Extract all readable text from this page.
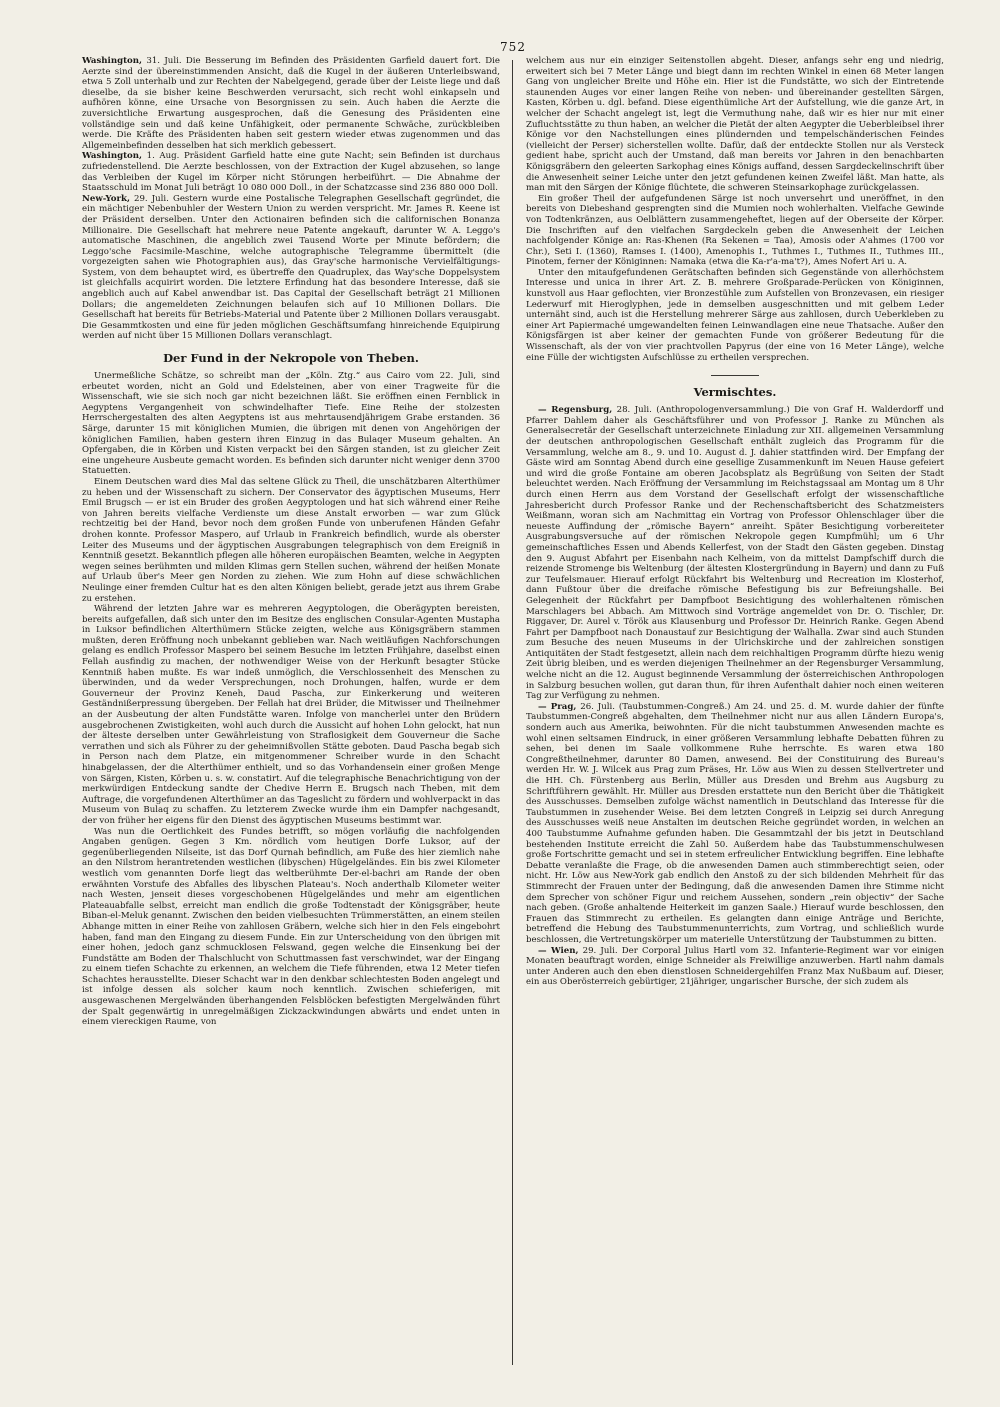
752

Washington, 31. Juli. Die Besserung im Befinden des Präsidenten Garfield dauert fort. Die Aerzte sind der übereinstimmenden Ansicht, daß die Kugel in der äußeren Unterleibswand, etwa 5 Zoll unterhalb und zur Rechten der Nabelgegend, gerade über der Leiste liege und daß dieselbe, da sie bisher keine Beschwerden verursacht, sich recht wohl einkapseln und aufhören könne, eine Ursache von Besorgnissen zu sein. Auch haben die Aerzte die zuversichtliche Erwartung ausgesprochen, daß die Genesung des Präsidenten eine vollständige sein und daß keine Unfähigkeit, oder permanente Schwäche, zurückbleiben werde. Die Kräfte des Präsidenten haben seit gestern wieder etwas zugenommen und das Allgemeinbefinden desselben hat sich merklich gebessert.

Washington, 1. Aug. Präsident Garfield hatte eine gute Nacht; sein Befinden ist durchaus zufriedenstellend. Die Aerzte beschlossen, von der Extraction der Kugel abzusehen, so lange das Verbleiben der Kugel im Körper nicht Störungen herbeiführt. — Die Abnahme der Staatsschuld im Monat Juli beträgt 10 080 000 Doll., in der Schatzcasse sind 236 880 000 Doll.

New-York, 29. Juli. Gestern wurde eine Postalische Telegraphen Gesellschaft gegründet, die ein mächtiger Nebenbuhler der Western Union zu werden verspricht. Mr. James R. Keene ist der Präsident derselben. Unter den Actionairen befinden sich die californischen Bonanza Millionaire. Die Gesellschaft hat mehrere neue Patente angekauft, darunter W. A. Leggo's automatische Maschinen, die angeblich zwei Tausend Worte per Minute befördern; die Leggo'sche Facsimile-Maschine, welche autographische Telegramme übermittelt (die vorgezeigten sahen wie Photographien aus), das Gray'sche harmonische Vervielfältigungs-System, von dem behauptet wird, es übertreffe den Quadruplex, das Way'sche Doppelsystem ist gleichfalls acquirirt worden. Die letztere Erfindung hat das besondere Interesse, daß sie angeblich auch auf Kabel anwendbar ist. Das Capital der Gesellschaft beträgt 21 Millionen Dollars; die angemeldeten Zeichnungen belaufen sich auf 10 Millionen Dollars. Die Gesellschaft hat bereits für Betriebs-Material und Patente über 2 Millionen Dollars verausgabt. Die Gesammtkosten und eine für jeden möglichen Geschäftsumfang hinreichende Equipirung werden auf nicht über 15 Millionen Dollars veranschlagt.

Der Fund in der Nekropole von Theben.

Unermeßliche Schätze, so schreibt man der „Köln. Ztg.“ aus Cairo vom 22. Juli, sind erbeutet worden, nicht an Gold und Edelsteinen, aber von einer Tragweite für die Wissenschaft, wie sie sich noch gar nicht bezeichnen läßt. Sie eröffnen einen Fernblick in Aegyptens Vergangenheit von schwindelhafter Tiefe. Eine Reihe der stolzesten Herrschergestalten des alten Aegyptens ist aus mehrtausendjährigem Grabe erstanden. 36 Särge, darunter 15 mit königlichen Mumien, die übrigen mit denen von Angehörigen der königlichen Familien, haben gestern ihren Einzug in das Bulaqer Museum gehalten. An Opfergaben, die in Körben und Kisten verpackt bei den Särgen standen, ist zu gleicher Zeit eine ungeheure Ausbeute gemacht worden. Es befinden sich darunter nicht weniger denn 3700 Statuetten.

Einem Deutschen ward dies Mal das seltene Glück zu Theil, die unschätzbaren Alterthümer zu heben und der Wissenschaft zu sichern. Der Conservator des ägyptischen Museums, Herr Emil Brugsch — er ist ein Bruder des großen Aegyptologen und hat sich während einer Reihe von Jahren bereits vielfache Verdienste um diese Anstalt erworben — war zum Glück rechtzeitig bei der Hand, bevor noch dem großen Funde von unberufenen Händen Gefahr drohen konnte. Professor Maspero, auf Urlaub in Frankreich befindlich, wurde als oberster Leiter des Museums und der ägyptischen Ausgrabungen telegraphisch von dem Ereigniß in Kenntniß gesetzt. Bekanntlich pflegen alle höheren europäischen Beamten, welche in Aegypten wegen seines berühmten und milden Klimas gern Stellen suchen, während der heißen Monate auf Urlaub über's Meer gen Norden zu ziehen. Wie zum Hohn auf diese schwächlichen Neulinge einer fremden Cultur hat es den alten Königen beliebt, gerade jetzt aus ihrem Grabe zu erstehen.

Während der letzten Jahre war es mehreren Aegyptologen, die Oberägypten bereisten, bereits aufgefallen, daß sich unter den im Besitze des englischen Consular-Agenten Mustapha in Luksor befindlichen Alterthümern Stücke zeigten, welche aus Königsgräbern stammen mußten, deren Eröffnung noch unbekannt geblieben war. Nach weitläufigen Nachforschungen gelang es endlich Professor Maspero bei seinem Besuche im letzten Frühjahre, daselbst einen Fellah ausfindig zu machen, der nothwendiger Weise von der Herkunft besagter Stücke Kenntniß haben mußte. Es war indeß unmöglich, die Verschlossenheit des Menschen zu überwinden, und da weder Versprechungen, noch Drohungen, halfen, wurde er dem Gouverneur der Provinz Keneh, Daud Pascha, zur Einkerkerung und weiteren Geständnißerpressung übergeben. Der Fellah hat drei Brüder, die Mitwisser und Theilnehmer an der Ausbeutung der alten Fundstätte waren. Infolge von mancherlei unter den Brüdern ausgebrochenen Zwistigkeiten, wohl auch durch die Aussicht auf hohen Lohn gelockt, hat nun der älteste derselben unter Gewährleistung von Straflosigkeit dem Gouverneur die Sache verrathen und sich als Führer zu der geheimnißvollen Stätte geboten. Daud Pascha begab sich in Person nach dem Platze, ein mitgenommener Schreiber wurde in den Schacht hinabgelassen, der die Alterthümer enthielt, und so das Vorhandensein einer großen Menge von Särgen, Kisten, Körben u. s. w. constatirt. Auf die telegraphische Benachrichtigung von der merkwürdigen Entdeckung sandte der Chedive Herrn E. Brugsch nach Theben, mit dem Auftrage, die vorgefundenen Alterthümer an das Tageslicht zu fördern und wohlverpackt in das Museum von Bulaq zu schaffen. Zu letzterem Zwecke wurde ihm ein Dampfer nachgesandt, der von früher her eigens für den Dienst des ägyptischen Museums bestimmt war.

Was nun die Oertlichkeit des Fundes betrifft, so mögen vorläufig die nachfolgenden Angaben genügen. Gegen 3 Km. nördlich vom heutigen Dorfe Luksor, auf der gegenüberliegenden Nilseite, ist das Dorf Qurnah befindlich, am Fuße des hier ziemlich nahe an den Nilstrom herantretenden westlichen (libyschen) Hügelgeländes. Ein bis zwei Kilometer westlich vom genannten Dorfe liegt das weltberühmte Der-el-bachri am Rande der oben erwähnten Vorstufe des Abfalles des libyschen Plateau's. Noch anderthalb Kilometer weiter nach Westen, jenseit dieses vorgeschobenen Hügelgeländes und mehr am eigentlichen Plateauabfalle selbst, erreicht man endlich die große Todtenstadt der Königsgräber, heute Biban-el-Meluk genannt. Zwischen den beiden vielbesuchten Trümmerstätten, an einem steilen Abhange mitten in einer Reihe von zahllosen Gräbern, welche sich hier in den Fels eingebohrt haben, fand man den Eingang zu diesem Funde. Ein zur Unterscheidung von den übrigen mit einer hohen, jedoch ganz schmucklosen Felswand, gegen welche die Einsenkung bei der Fundstätte am Boden der Thalschlucht von Schuttmassen fast verschwindet, war der Eingang zu einem tiefen Schachte zu erkennen, an welchem die Tiefe führenden, etwa 12 Meter tiefen Schachtes herausstellte. Dieser Schacht war in den denkbar schlechtesten Boden angelegt und ist infolge dessen als solcher kaum noch kenntlich. Zwischen schieferigen, mit ausgewaschenen Mergelwänden überhangenden Felsblöcken befestigten Mergelwänden führt der Spalt gegenwärtig in unregelmäßigen Zickzackwindungen abwärts und endet unten in einem viereckigen Raume, von

welchem aus nur ein einziger Seitenstollen abgeht. Dieser, anfangs sehr eng und niedrig, erweitert sich bei 7 Meter Länge und biegt dann im rechten Winkel in einen 68 Meter langen Gang von ungleicher Breite und Höhe ein. Hier ist die Fundstätte, wo sich der Eintretende staunenden Auges vor einer langen Reihe von neben- und übereinander gestellten Särgen, Kasten, Körben u. dgl. befand. Diese eigenthümliche Art der Aufstellung, wie die ganze Art, in welcher der Schacht angelegt ist, legt die Vermuthung nahe, daß wir es hier nur mit einer Zufluchtsstätte zu thun haben, an welcher die Pietät der alten Aegypter die Ueberbleibsel ihrer Könige vor den Nachstellungen eines plündernden und tempelschänderischen Feindes (vielleicht der Perser) sicherstellen wollte. Dafür, daß der entdeckte Stollen nur als Versteck gedient habe, spricht auch der Umstand, daß man bereits vor Jahren in den benachbarten Königsgräbern den geleerten Sarkophag eines Königs auffand, dessen Sargdeckelinschrift über die Anwesenheit seiner Leiche unter den jetzt gefundenen keinen Zweifel läßt. Man hatte, als man mit den Särgen der Könige flüchtete, die schweren Steinsarkophage zurückgelassen.

Ein großer Theil der aufgefundenen Särge ist noch unversehrt und uneröffnet, in den bereits von Diebeshand gesprengten sind die Mumien noch wohlerhalten. Vielfache Gewinde von Todtenkränzen, aus Oelblättern zusammengeheftet, liegen auf der Oberseite der Körper. Die Inschriften auf den vielfachen Sargdeckeln geben die Anwesenheit der Leichen nachfolgender Könige an: Ras-Khenen (Ra Sekenen = Taa), Amosis oder A'ahmes (1700 vor Chr.), Seti I. (1360), Ramses I. (1400), Amenophis I., Tuthmes I., Tuthmes II., Tuthmes III., Pinotem, ferner der Königinnen: Namaka (etwa die Ka-r'a-ma't?), Ames Nofert Ari u. A.

Unter den mitaufgefundenen Gerätschaften befinden sich Gegenstände von allerhöchstem Interesse und unica in ihrer Art. Z. B. mehrere Großparade-Perücken von Königinnen, kunstvoll aus Haar geflochten, vier Bronzestühle zum Aufstellen von Bronzevasen, ein riesiger Lederwurf mit Hieroglyphen, jede in demselben ausgeschnitten und mit gelbem Leder unternäht sind, auch ist die Herstellung mehrerer Särge aus zahllosen, durch Ueberkleben zu einer Art Papiermaché umgewandelten feinen Leinwandlagen eine neue Thatsache. Außer den Königsfärgen ist aber keiner der gemachten Funde von größerer Bedeutung für die Wissenschaft, als der von vier prachtvollen Papyrus (der eine von 16 Meter Länge), welche eine Fülle der wichtigsten Aufschlüsse zu ertheilen versprechen.

Vermischtes.

— Regensburg, 28. Juli. (Anthropologenversammlung.) Die von Graf H. Walderdorff und Pfarrer Dahlem daher als Geschäftsführer und von Professor J. Ranke zu München als Generalsecretär der Gesellschaft unterzeichnete Einladung zur XII. allgemeinen Versammlung der deutschen anthropologischen Gesellschaft enthält zugleich das Programm für die Versammlung, welche am 8., 9. und 10. August d. J. dahier stattfinden wird. Der Empfang der Gäste wird am Sonntag Abend durch eine gesellige Zusammenkunft im Neuen Hause gefeiert und wird die große Fontaine am oberen Jacobsplatz als Begrüßung von Seiten der Stadt beleuchtet werden. Nach Eröffnung der Versammlung im Reichstagssaal am Montag um 8 Uhr durch einen Herrn aus dem Vorstand der Gesellschaft erfolgt der wissenschaftliche Jahresbericht durch Professor Ranke und der Rechenschaftsbericht des Schatzmeisters Weißmann, woran sich am Nachmittag ein Vortrag von Professor Ohlenschlager über die neueste Auffindung der „römische Bayern“ anreiht. Später Besichtigung vorbereiteter Ausgrabungsversuche auf der römischen Nekropole gegen Kumpfmühl; um 6 Uhr gemeinschaftliches Essen und Abends Kellerfest, von der Stadt den Gästen gegeben. Dinstag den 9. August Abfahrt per Eisenbahn nach Kelheim, von da mittelst Dampfschiff durch die reizende Stromenge bis Weltenburg (der ältesten Klostergründung in Bayern) und dann zu Fuß zur Teufelsmauer. Hierauf erfolgt Rückfahrt bis Weltenburg und Recreation im Klosterhof, dann Fußtour über die dreifache römische Befestigung bis zur Befreiungshalle. Bei Gelegenheit der Rückfahrt per Dampfboot Besichtigung des wohlerhaltenen römischen Marschlagers bei Abbach. Am Mittwoch sind Vorträge angemeldet von Dr. O. Tischler, Dr. Riggaver, Dr. Aurel v. Török aus Klausenburg und Professor Dr. Heinrich Ranke. Gegen Abend Fahrt per Dampfboot nach Donaustauf zur Besichtigung der Walhalla. Zwar sind auch Stunden zum Besuche des neuen Museums in der Ulrichskirche und der zahlreichen sonstigen Antiquitäten der Stadt festgesetzt, allein nach dem reichhaltigen Programm dürfte hiezu wenig Zeit übrig bleiben, und es werden diejenigen Theilnehmer an der Regensburger Versammlung, welche nicht an die 12. August beginnende Versammlung der österreichischen Anthropologen in Salzburg besuchen wollen, gut daran thun, für ihren Aufenthalt dahier noch einen weiteren Tag zur Verfügung zu nehmen.

— Prag, 26. Juli. (Taubstummen-Congreß.) Am 24. und 25. d. M. wurde dahier der fünfte Taubstummen-Congreß abgehalten, dem Theilnehmer nicht nur aus allen Ländern Europa's, sondern auch aus Amerika, beiwohnten. Für die nicht taubstummen Anwesenden machte es wohl einen seltsamen Eindruck, in einer größeren Versammlung lebhafte Debatten führen zu sehen, bei denen im Saale vollkommene Ruhe herrschte. Es waren etwa 180 Congreßtheilnehmer, darunter 80 Damen, anwesend. Bei der Constituirung des Bureau's werden Hr. W. J. Wilcek aus Prag zum Präses, Hr. Löw aus Wien zu dessen Stellvertreter und die HH. Ch. Fürstenberg aus Berlin, Müller aus Dresden und Brehm aus Augsburg zu Schriftführern gewählt. Hr. Müller aus Dresden erstattete nun den Bericht über die Thätigkeit des Ausschusses. Demselben zufolge wächst namentlich in Deutschland das Interesse für die Taubstummen in zusehender Weise. Bei dem letzten Congreß in Leipzig sei durch Anregung des Ausschusses weiß neue Anstalten im deutschen Reiche gegründet worden, in welchen an 400 Taubstumme Aufnahme gefunden haben. Die Gesammtzahl der bis jetzt in Deutschland bestehenden Institute erreicht die Zahl 50. Außerdem habe das Taubstummenschulwesen große Fortschritte gemacht und sei in stetem erfreulicher Entwicklung begriffen. Eine lebhafte Debatte veranlaßte die Frage, ob die anwesenden Damen auch stimmberechtigt seien, oder nicht. Hr. Löw aus New-York gab endlich den Anstoß zu der sich bildenden Mehrheit für das Stimmrecht der Frauen unter der Bedingung, daß die anwesenden Damen ihre Stimme nicht dem Sprecher von schöner Figur und reichem Aussehen, sondern „rein objectiv“ der Sache nach geben. (Große anhaltende Heiterkeit im ganzen Saale.) Hierauf wurde beschlossen, den Frauen das Stimmrecht zu ertheilen. Es gelangten dann einige Anträge und Berichte, betreffend die Hebung des Taubstummenunterrichts, zum Vortrag, und schließlich wurde beschlossen, die Vertretungskörper um materielle Unterstützung der Taubstummen zu bitten.

— Wien, 29. Juli. Der Corporal Julius Hartl vom 32. Infanterie-Regiment war vor einigen Monaten beauftragt worden, einige Schneider als Freiwillige anzuwerben. Hartl nahm damals unter Anderen auch den eben dienstlosen Schneidergehilfen Franz Max Nußbaum auf. Dieser, ein aus Oberösterreich gebürtiger, 21jähriger, ungarischer Bursche, der sich zudem als
